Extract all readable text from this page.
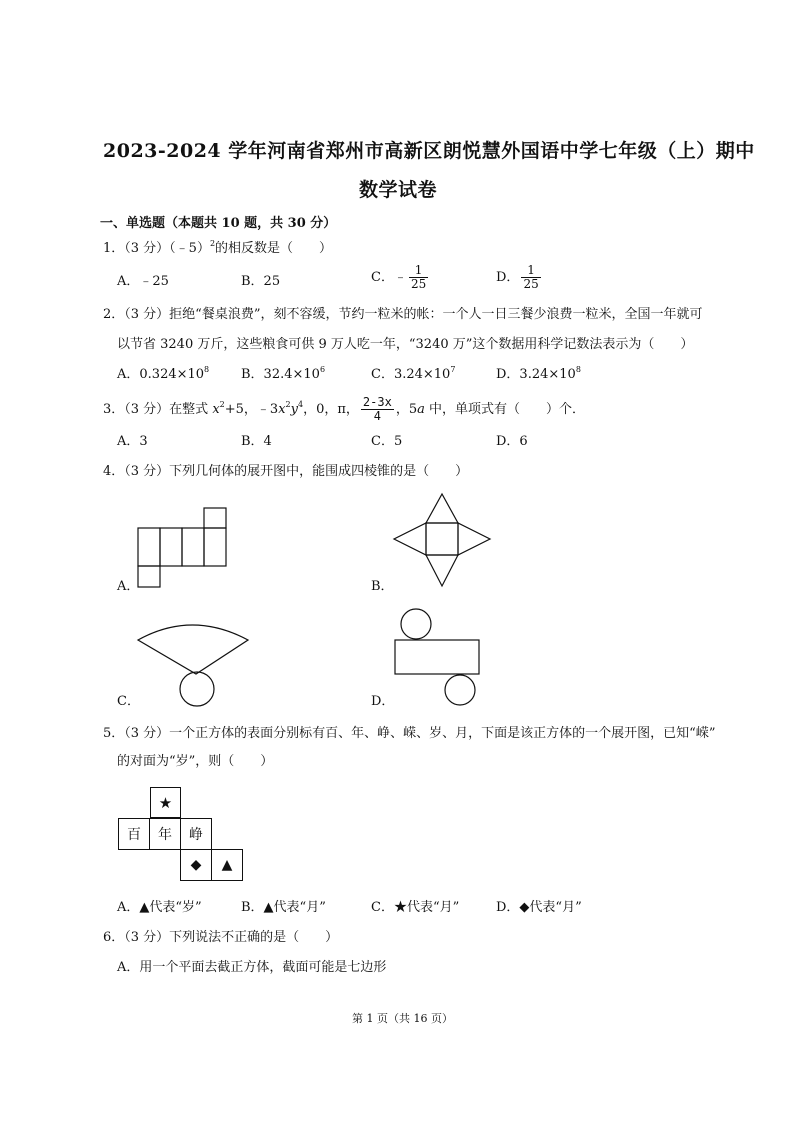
2023-2024 学年河南省郑州市高新区朗悦慧外国语中学七年级（上）期中
数学试卷
一、单选题（本题共 10 题，共 30 分）
1．（3 分）（﹣5）$^2$的相反数是（　　）
A．﹣25	B．25	C．﹣ $\frac{1}{25}$	D． $\frac{1}{25}$
2．（3 分）拒绝“餐桌浪费”，刻不容缓，节约一粒米的帐：一个人一日三餐少浪费一粒米，全国一年就可
以节省 3240 万斤，这些粮食可供 9 万人吃一年，“3240 万”这个数据用科学记数法表示为（　　）
A．$0.324\times 10^8$ B．$32.4\times 10^6$	C．$3.24\times 10^7$	D．$3.24\times 10^8$
3．（3 分）在整式 $x^2+5$，$﹣3x^2y^4$，0，π， $\frac{2-3x}{4}$ ，5a 中，单项式有（　　）个．
A．3	B．4	C．5	D．6
4．（3 分）下列几何体的展开图中，能围成四棱锥的是（　　）
A．	B．
C．	D．
5．（3 分）一个正方体的表面分别标有百、年、峥、嵘、岁、月，下面是该正方体的一个展开图，已知“嵘”
的对面为“岁”，则（　　）
★
百	年	峥
◆	▲
A．▲代表“岁”	B．▲代表“月”	C．★代表“月”	D．◆代表“月”
6．（3 分）下列说法不正确的是（　　）
A．用一个平面去截正方体，截面可能是七边形
第 1 页（共 16 页）
